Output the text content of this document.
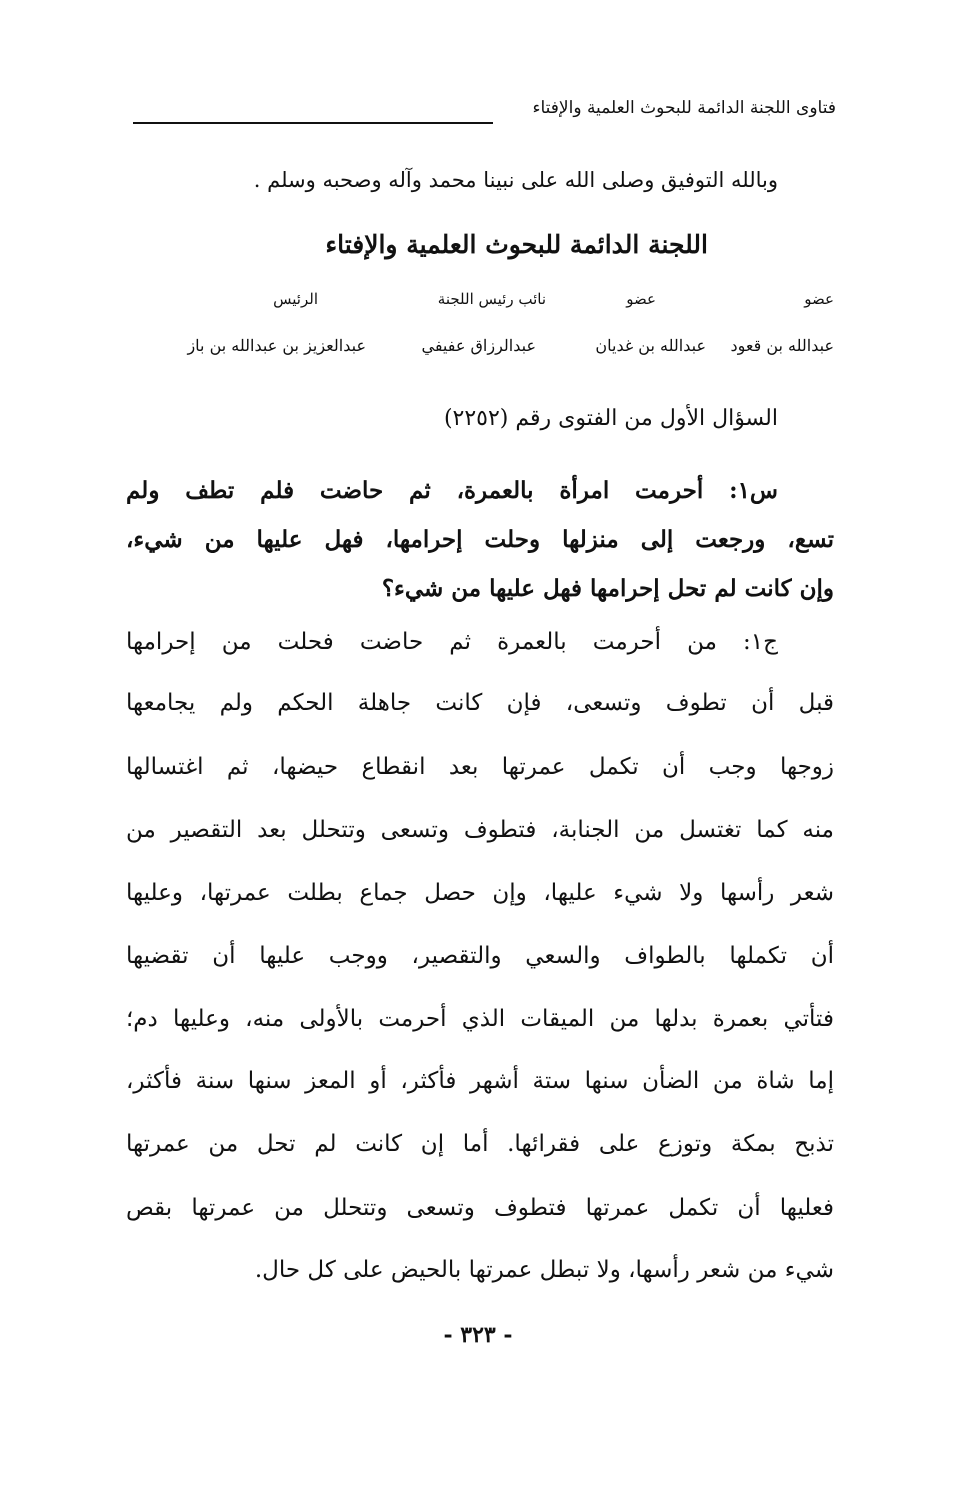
فتاوى اللجنة الدائمة للبحوث العلمية والإفتاء
وبالله التوفيق وصلى الله على نبينا محمد وآله وصحبه وسلم .
اللجنة الدائمة للبحوث العلمية والإفتاء
عضو
عضو
نائب رئيس اللجنة
الرئيس
عبدالله بن قعود
عبدالله بن غديان
عبدالرزاق عفيفي
عبدالعزيز بن عبدالله بن باز
السؤال الأول من الفتوى رقم (٢٢٥٢)
س١: أحرمت امرأة بالعمرة، ثم حاضت فلم تطف ولم
تسع، ورجعت إلى منزلها وحلت إحرامها، فهل عليها من شيء،
وإن كانت لم تحل إحرامها فهل عليها من شيء؟
ج١: من أحرمت بالعمرة ثم حاضت فحلت من إحرامها
قبل أن تطوف وتسعى، فإن كانت جاهلة الحكم ولم يجامعها
زوجها وجب أن تكمل عمرتها بعد انقطاع حيضها، ثم اغتسالها
منه كما تغتسل من الجنابة، فتطوف وتسعى وتتحلل بعد التقصير من
شعر رأسها ولا شيء عليها، وإن حصل جماع بطلت عمرتها، وعليها
أن تكملها بالطواف والسعي والتقصير، ووجب عليها أن تقضيها
فتأتي بعمرة بدلها من الميقات الذي أحرمت بالأولى منه، وعليها دم؛
إما شاة من الضأن سنها ستة أشهر فأكثر، أو المعز سنها سنة فأكثر،
تذبح بمكة وتوزع على فقرائها. أما إن كانت لم تحل من عمرتها
فعليها أن تكمل عمرتها فتطوف وتسعى وتتحلل من عمرتها بقص
شيء من شعر رأسها، ولا تبطل عمرتها بالحيض على كل حال.
- ٣٢٣ -
